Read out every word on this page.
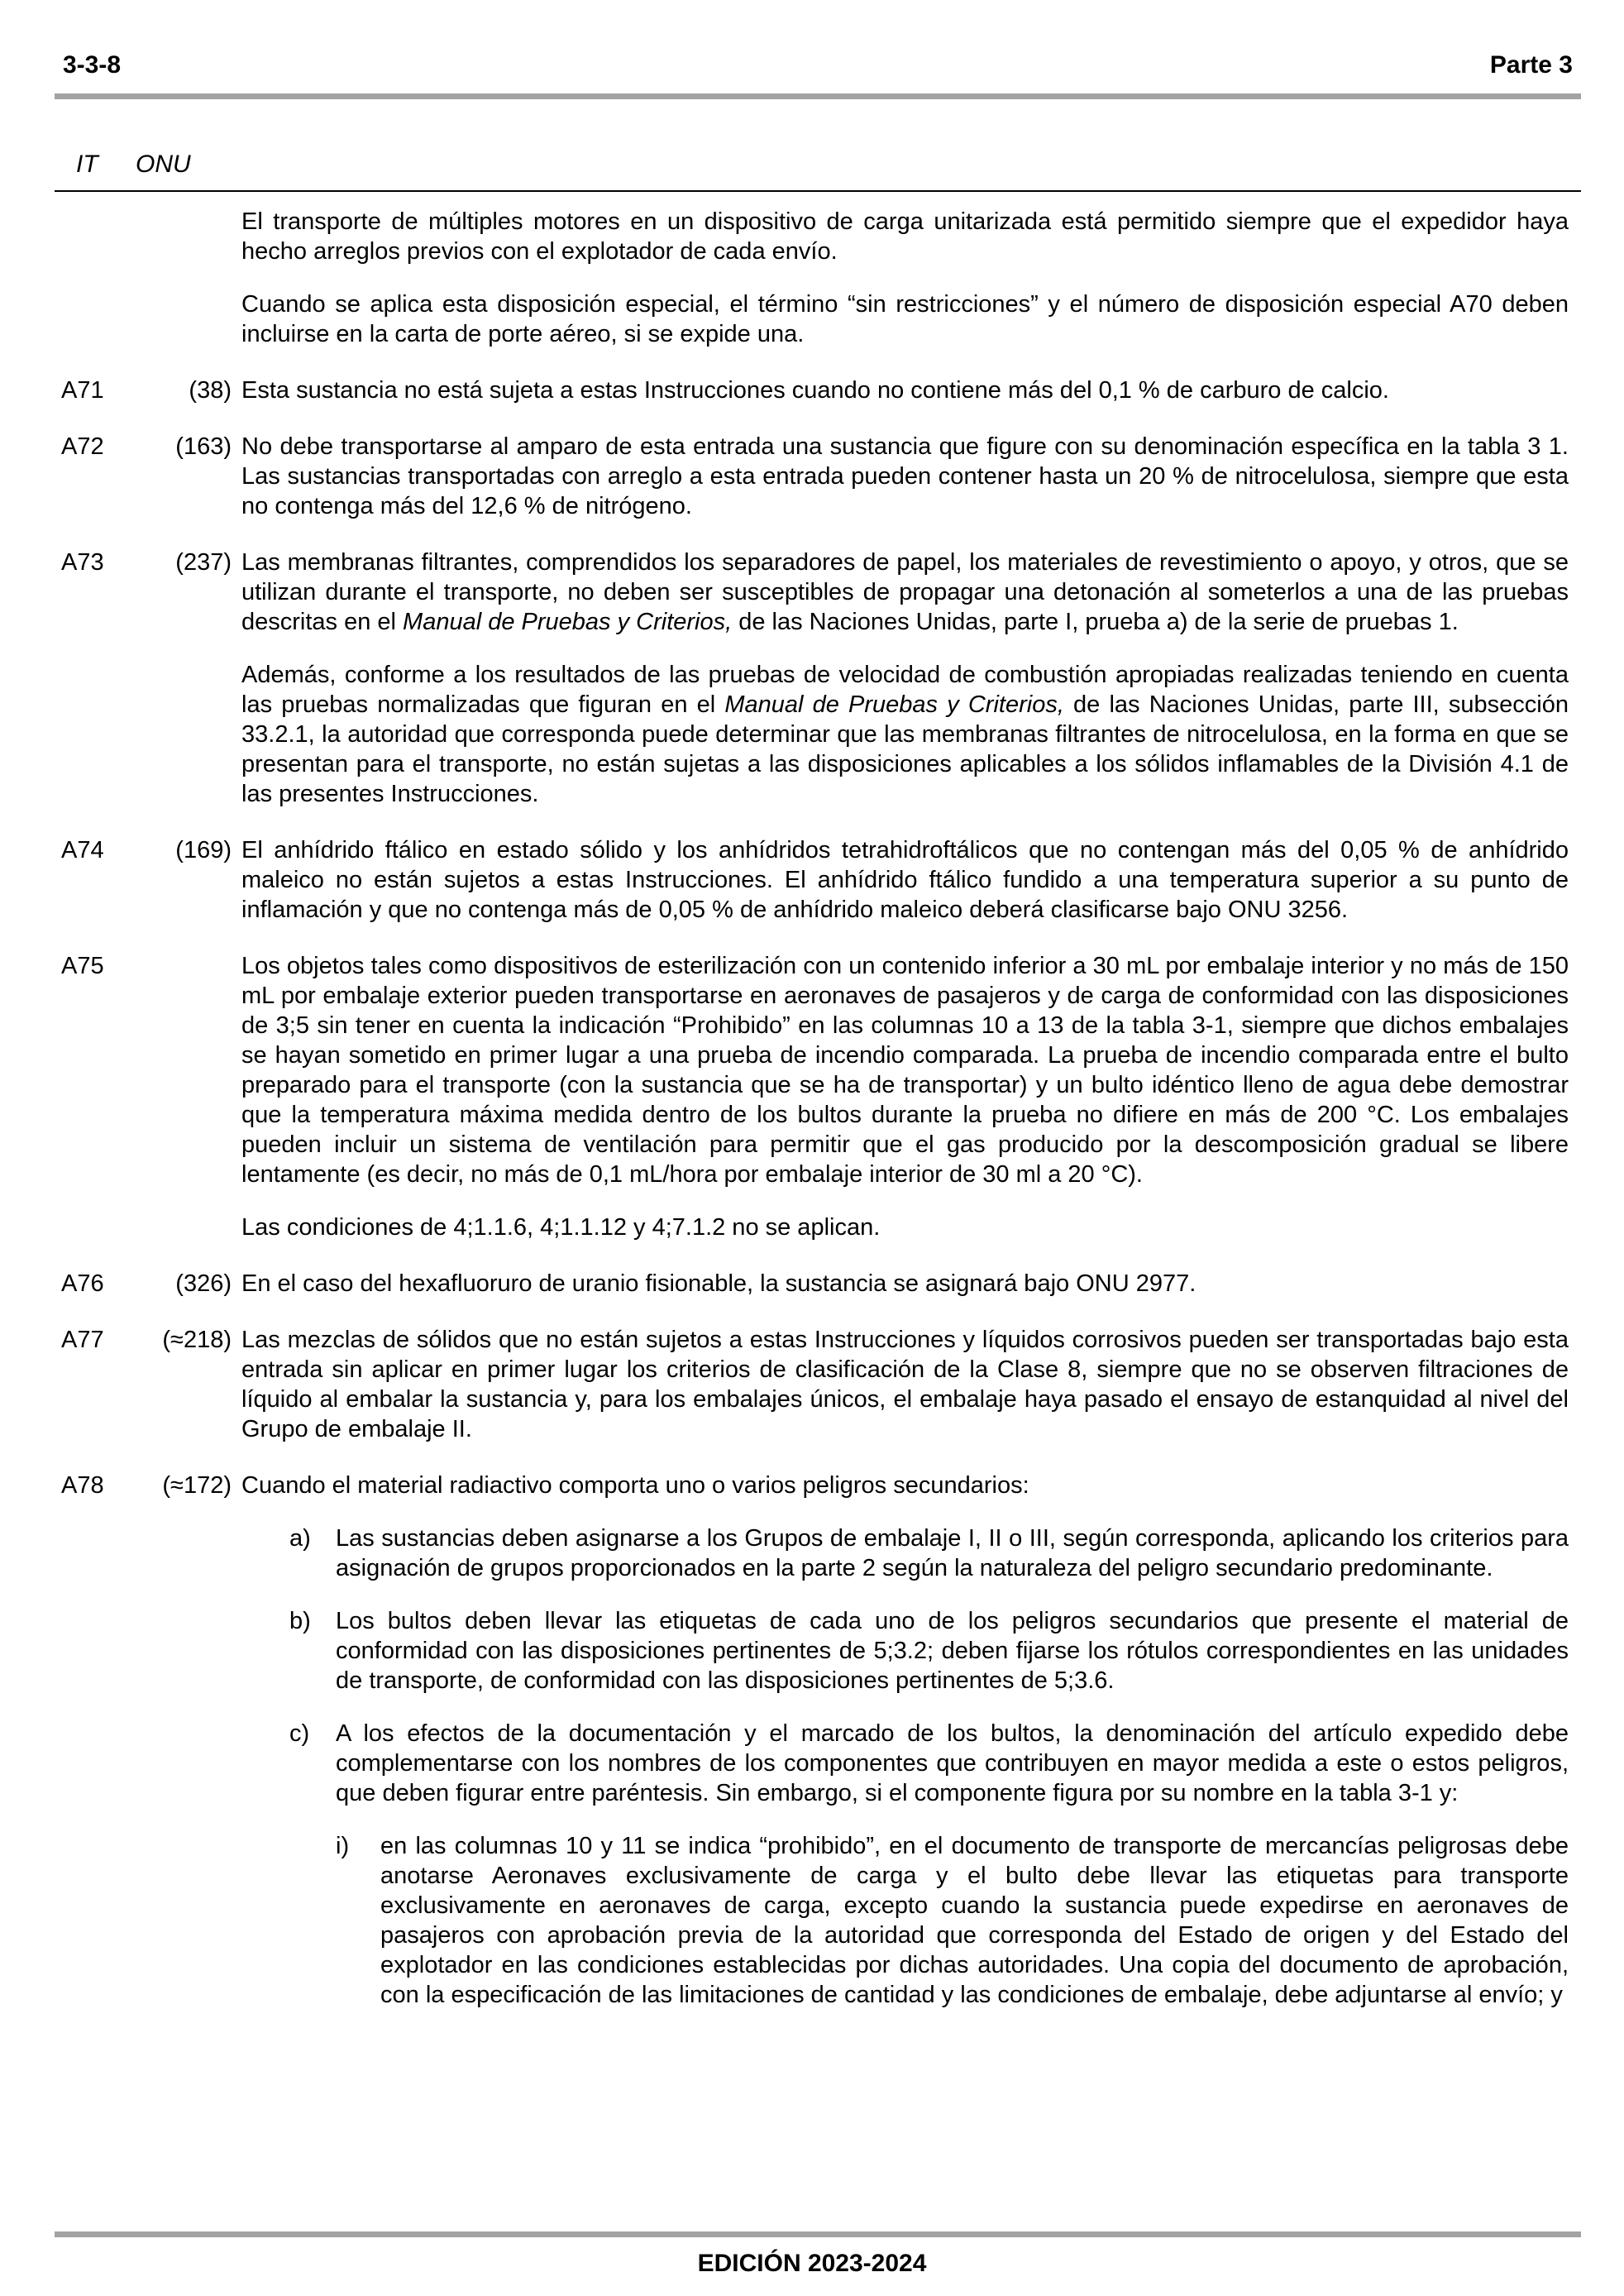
3-3-8	Parte 3
IT ONU

El transporte de múltiples motores en un dispositivo de carga unitarizada está permitido siempre que el expedidor haya hecho arreglos previos con el explotador de cada envío.

Cuando se aplica esta disposición especial, el término “sin restricciones” y el número de disposición especial A70 deben incluirse en la carta de porte aéreo, si se expide una.

A71	(38) Esta sustancia no está sujeta a estas Instrucciones cuando no contiene más del 0,1 % de carburo de calcio.

A72	(163) No debe transportarse al amparo de esta entrada una sustancia que figure con su denominación específica en la tabla 3 1. Las sustancias transportadas con arreglo a esta entrada pueden contener hasta un 20 % de nitrocelulosa, siempre que esta no contenga más del 12,6 % de nitrógeno.

A73	(237) Las membranas filtrantes, comprendidos los separadores de papel, los materiales de revestimiento o apoyo, y otros, que se utilizan durante el transporte, no deben ser susceptibles de propagar una detonación al someterlos a una de las pruebas descritas en el Manual de Pruebas y Criterios, de las Naciones Unidas, parte I, prueba a) de la serie de pruebas 1.

Además, conforme a los resultados de las pruebas de velocidad de combustión apropiadas realizadas teniendo en cuenta las pruebas normalizadas que figuran en el Manual de Pruebas y Criterios, de las Naciones Unidas, parte III, subsección 33.2.1, la autoridad que corresponda puede determinar que las membranas filtrantes de nitrocelulosa, en la forma en que se presentan para el transporte, no están sujetas a las disposiciones aplicables a los sólidos inflamables de la División 4.1 de las presentes Instrucciones.

A74	(169) El anhídrido ftálico en estado sólido y los anhídridos tetrahidroftálicos que no contengan más del 0,05 % de anhídrido maleico no están sujetos a estas Instrucciones. El anhídrido ftálico fundido a una temperatura superior a su punto de inflamación y que no contenga más de 0,05 % de anhídrido maleico deberá clasificarse bajo ONU 3256.

A75	Los objetos tales como dispositivos de esterilización con un contenido inferior a 30 mL por embalaje interior y no más de 150 mL por embalaje exterior pueden transportarse en aeronaves de pasajeros y de carga de conformidad con las disposiciones de 3;5 sin tener en cuenta la indicación “Prohibido” en las columnas 10 a 13 de la tabla 3-1, siempre que dichos embalajes se hayan sometido en primer lugar a una prueba de incendio comparada. La prueba de incendio comparada entre el bulto preparado para el transporte (con la sustancia que se ha de transportar) y un bulto idéntico lleno de agua debe demostrar que la temperatura máxima medida dentro de los bultos durante la prueba no difiere en más de 200 °C. Los embalajes pueden incluir un sistema de ventilación para permitir que el gas producido por la descomposición gradual se libere lentamente (es decir, no más de 0,1 mL/hora por embalaje interior de 30 ml a 20 °C).

Las condiciones de 4;1.1.6, 4;1.1.12 y 4;7.1.2 no se aplican.

A76	(326) En el caso del hexafluoruro de uranio fisionable, la sustancia se asignará bajo ONU 2977.

A77	(≈218) Las mezclas de sólidos que no están sujetos a estas Instrucciones y líquidos corrosivos pueden ser transportadas bajo esta entrada sin aplicar en primer lugar los criterios de clasificación de la Clase 8, siempre que no se observen filtraciones de líquido al embalar la sustancia y, para los embalajes únicos, el embalaje haya pasado el ensayo de estanquidad al nivel del Grupo de embalaje II.

A78	(≈172) Cuando el material radiactivo comporta uno o varios peligros secundarios:

a) Las sustancias deben asignarse a los Grupos de embalaje I, II o III, según corresponda, aplicando los criterios para asignación de grupos proporcionados en la parte 2 según la naturaleza del peligro secundario predominante.
b) Los bultos deben llevar las etiquetas de cada uno de los peligros secundarios que presente el material de conformidad con las disposiciones pertinentes de 5;3.2; deben fijarse los rótulos correspondientes en las unidades de transporte, de conformidad con las disposiciones pertinentes de 5;3.6.
c) A los efectos de la documentación y el marcado de los bultos, la denominación del artículo expedido debe complementarse con los nombres de los componentes que contribuyen en mayor medida a este o estos peligros, que deben figurar entre paréntesis. Sin embargo, si el componente figura por su nombre en la tabla 3-1 y:
i) en las columnas 10 y 11 se indica “prohibido”, en el documento de transporte de mercancías peligrosas debe anotarse Aeronaves exclusivamente de carga y el bulto debe llevar las etiquetas para transporte exclusivamente en aeronaves de carga, excepto cuando la sustancia puede expedirse en aeronaves de pasajeros con aprobación previa de la autoridad que corresponda del Estado de origen y del Estado del explotador en las condiciones establecidas por dichas autoridades. Una copia del documento de aprobación, con la especificación de las limitaciones de cantidad y las condiciones de embalaje, debe adjuntarse al envío; y
EDICIÓN 2023-2024
